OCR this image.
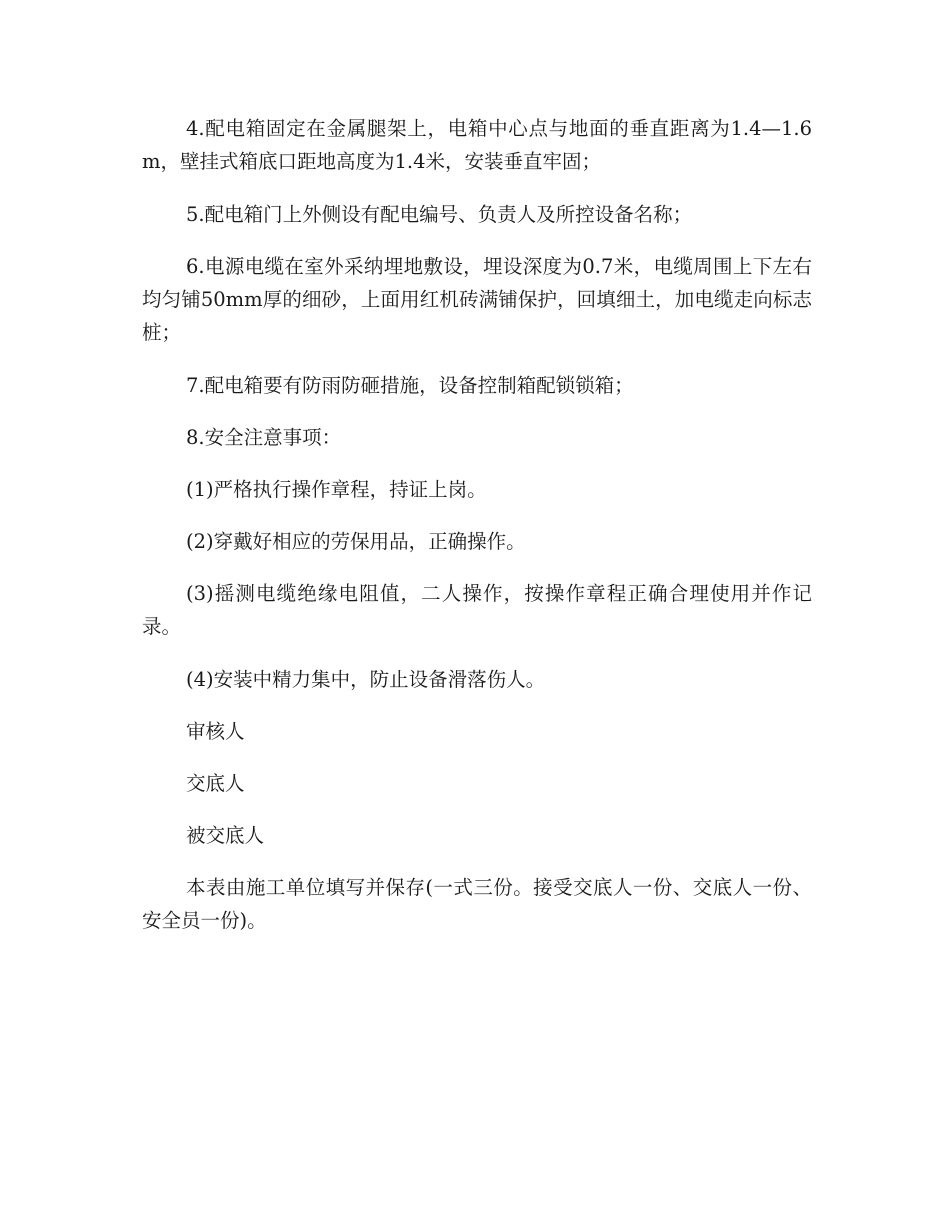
4.配电箱固定在金属腿架上，电箱中心点与地面的垂直距离为1.4—1.6m，壁挂式箱底口距地高度为1.4米，安装垂直牢固；

5.配电箱门上外侧设有配电编号、负责人及所控设备名称；

6.电源电缆在室外采纳埋地敷设，埋设深度为0.7米，电缆周围上下左右均匀铺50mm厚的细砂，上面用红机砖满铺保护，回填细土，加电缆走向标志桩；

7.配电箱要有防雨防砸措施，设备控制箱配锁锁箱；

8.安全注意事项：

(1)严格执行操作章程，持证上岗。

(2)穿戴好相应的劳保用品，正确操作。

(3)摇测电缆绝缘电阻值，二人操作，按操作章程正确合理使用并作记录。

(4)安装中精力集中，防止设备滑落伤人。

审核人

交底人

被交底人

本表由施工单位填写并保存(一式三份。接受交底人一份、交底人一份、安全员一份)。
